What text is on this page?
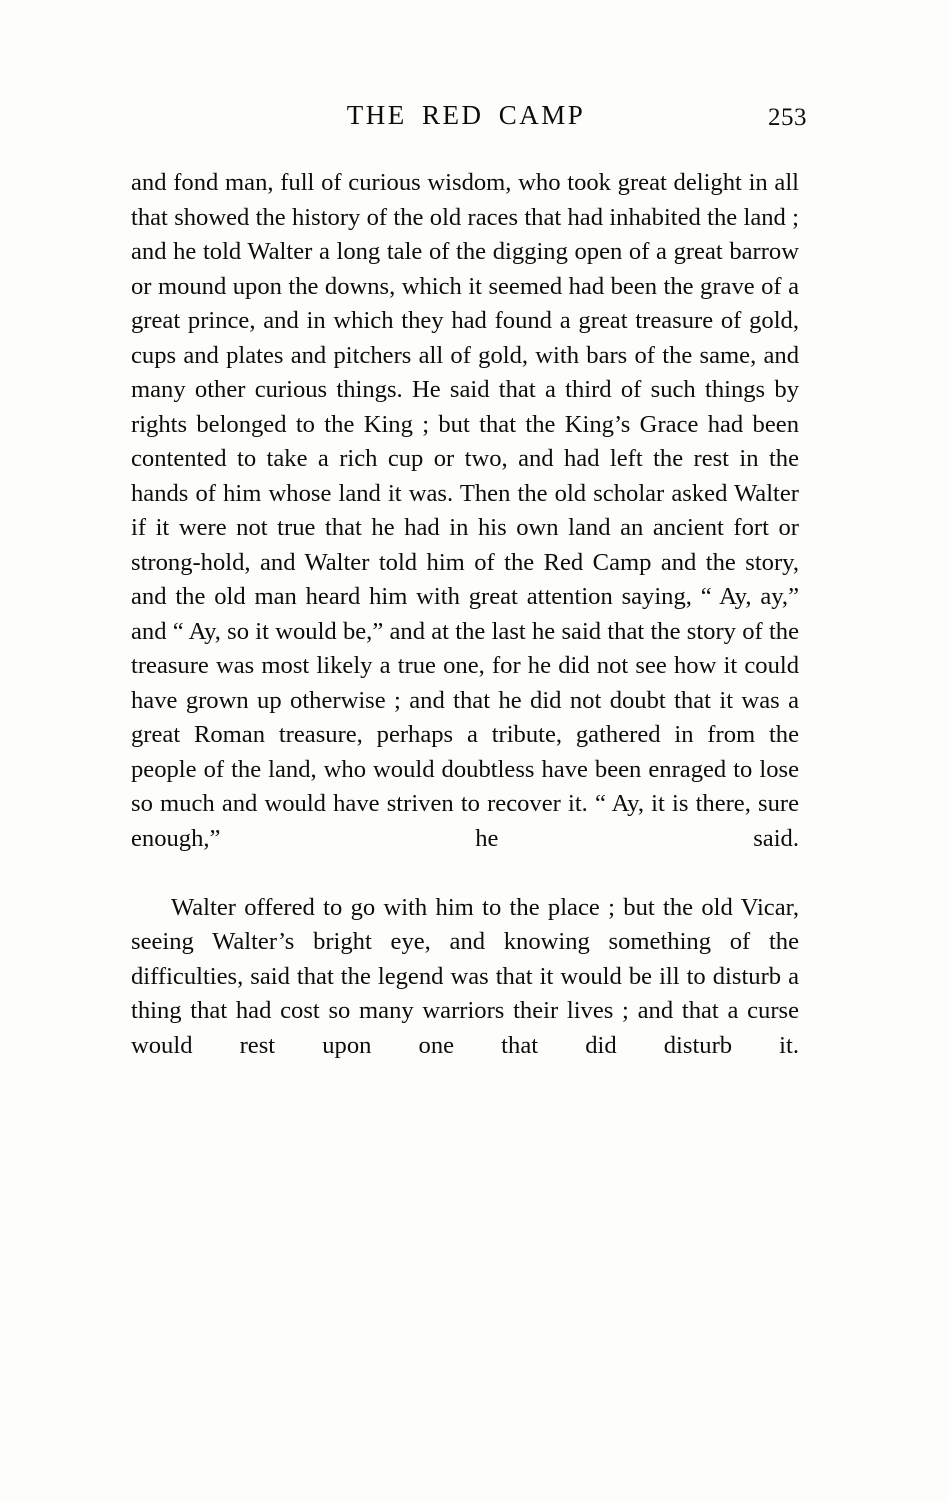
THE RED CAMP	253

and fond man, full of curious wisdom, who took great delight in all that showed the history of the old races that had inhabited the land ; and he told Walter a long tale of the digging open of a great barrow or mound upon the downs, which it seemed had been the grave of a great prince, and in which they had found a great treasure of gold, cups and plates and pitchers all of gold, with bars of the same, and many other curious things. He said that a third of such things by rights belonged to the King ; but that the King’s Grace had been contented to take a rich cup or two, and had left the rest in the hands of him whose land it was. Then the old scholar asked Walter if it were not true that he had in his own land an ancient fort or strong-hold, and Walter told him of the Red Camp and the story, and the old man heard him with great attention saying, “ Ay, ay,” and “ Ay, so it would be,” and at the last he said that the story of the treasure was most likely a true one, for he did not see how it could have grown up otherwise ; and that he did not doubt that it was a great Roman treasure, perhaps a tribute, gathered in from the people of the land, who would doubtless have been enraged to lose so much and would have striven to recover it. “ Ay, it is there, sure enough,” he said.

Walter offered to go with him to the place ; but the old Vicar, seeing Walter’s bright eye, and knowing something of the difficulties, said that the legend was that it would be ill to disturb a thing that had cost so many warriors their lives ; and that a curse would rest upon one that did disturb it.
